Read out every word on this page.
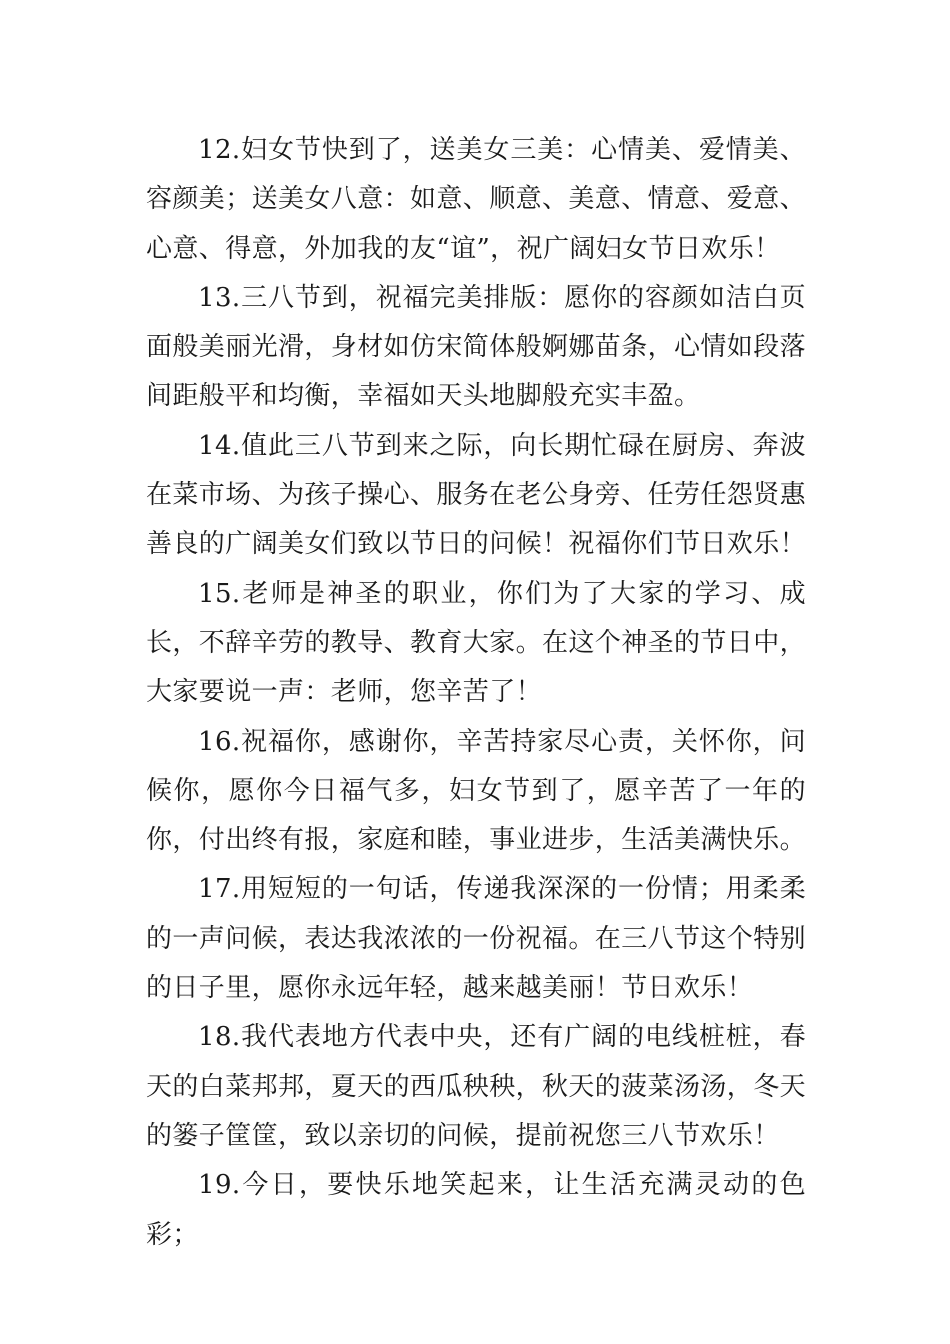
12.妇女节快到了，送美女三美：心情美、爱情美、容颜美；送美女八意：如意、顺意、美意、情意、爱意、心意、得意，外加我的友“谊”，祝广阔妇女节日欢乐！

13.三八节到，祝福完美排版：愿你的容颜如洁白页面般美丽光滑，身材如仿宋简体般婀娜苗条，心情如段落间距般平和均衡，幸福如天头地脚般充实丰盈。

14.值此三八节到来之际，向长期忙碌在厨房、奔波在菜市场、为孩子操心、服务在老公身旁、任劳任怨贤惠善良的广阔美女们致以节日的问候！祝福你们节日欢乐！

15.老师是神圣的职业，你们为了大家的学习、成长，不辞辛劳的教导、教育大家。在这个神圣的节日中，大家要说一声：老师，您辛苦了！

16.祝福你，感谢你，辛苦持家尽心责，关怀你，问候你，愿你今日福气多，妇女节到了，愿辛苦了一年的你，付出终有报，家庭和睦，事业进步，生活美满快乐。

17.用短短的一句话，传递我深深的一份情；用柔柔的一声问候，表达我浓浓的一份祝福。在三八节这个特别的日子里，愿你永远年轻，越来越美丽！节日欢乐！

18.我代表地方代表中央，还有广阔的电线桩桩，春天的白菜邦邦，夏天的西瓜秧秧，秋天的菠菜汤汤，冬天的篓子筐筐，致以亲切的问候，提前祝您三八节欢乐！

19.今日，要快乐地笑起来，让生活充满灵动的色彩；
